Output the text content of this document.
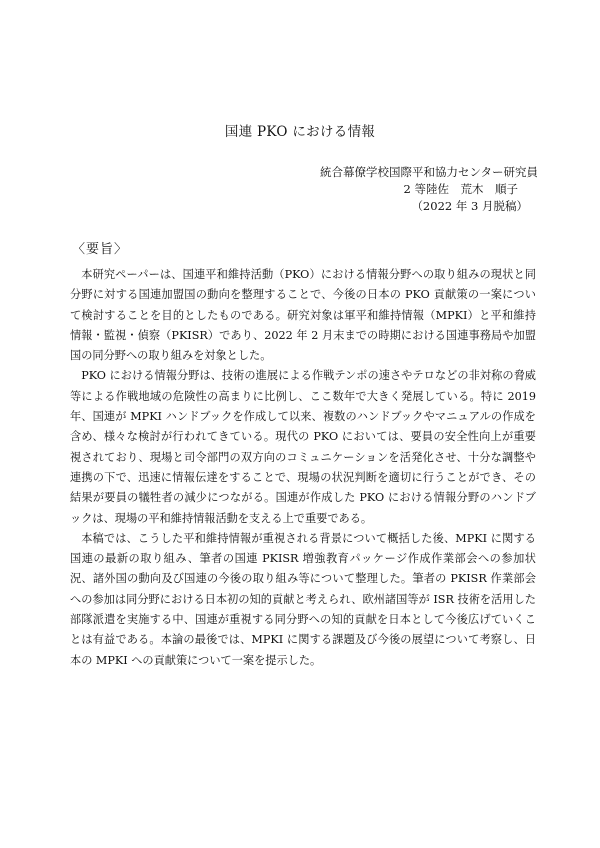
国連 PKO における情報
統合幕僚学校国際平和協力センター研究員
2 等陸佐　荒木　順子
（2022 年 3 月脱稿）
〈要旨〉

本研究ペーパーは、国連平和維持活動（PKO）における情報分野への取り組みの現状と同分野に対する国連加盟国の動向を整理することで、今後の日本の PKO 貢献策の一案について検討することを目的としたものである。研究対象は軍平和維持情報（MPKI）と平和維持情報・監視・偵察（PKISR）であり、2022 年 2 月末までの時期における国連事務局や加盟国の同分野への取り組みを対象とした。

PKO における情報分野は、技術の進展による作戦テンポの速さやテロなどの非対称の脅威等による作戦地域の危険性の高まりに比例し、ここ数年で大きく発展している。特に 2019 年、国連が MPKI ハンドブックを作成して以来、複数のハンドブックやマニュアルの作成を含め、様々な検討が行われてきている。現代の PKO においては、要員の安全性向上が重要視されており、現場と司令部門の双方向のコミュニケーションを活発化させ、十分な調整や連携の下で、迅速に情報伝達をすることで、現場の状況判断を適切に行うことができ、その結果が要員の犠牲者の減少につながる。国連が作成した PKO における情報分野のハンドブックは、現場の平和維持情報活動を支える上で重要である。

本稿では、こうした平和維持情報が重視される背景について概括した後、MPKI に関する国連の最新の取り組み、筆者の国連 PKISR 増強教育パッケージ作成作業部会への参加状況、諸外国の動向及び国連の今後の取り組み等について整理した。筆者の PKISR 作業部会への参加は同分野における日本初の知的貢献と考えられ、欧州諸国等が ISR 技術を活用した部隊派遣を実施する中、国連が重視する同分野への知的貢献を日本として今後広げていくことは有益である。本論の最後では、MPKI に関する課題及び今後の展望について考察し、日本の MPKI への貢献策について一案を提示した。
